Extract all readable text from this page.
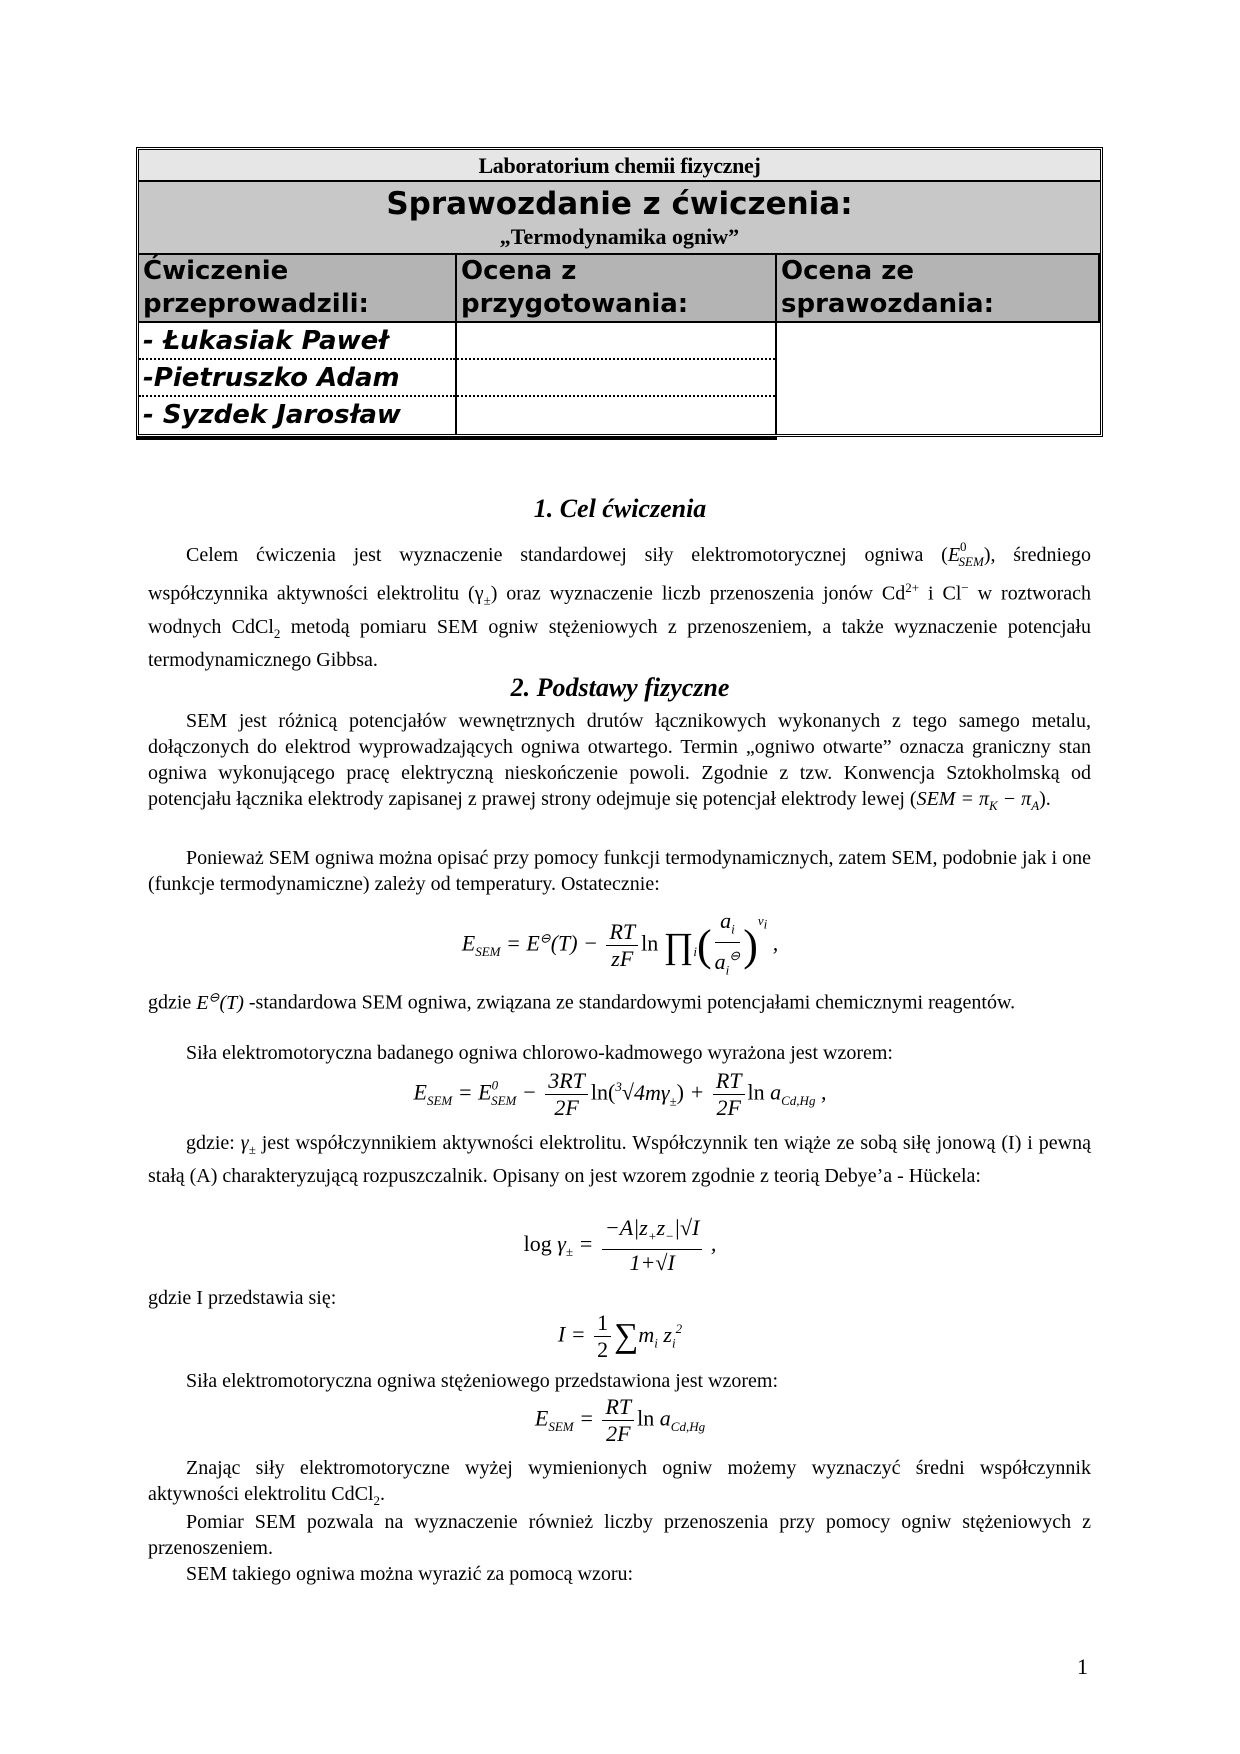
Laboratorium chemii fizycznej
Sprawozdanie z ćwiczenia:
„Termodynamika ogniw”
Ćwiczenie przeprowadzili:
Ocena z przygotowania:
Ocena ze sprawozdania:
- Łukasiak Paweł
-Pietruszko Adam
- Syzdek Jarosław
1. Cel ćwiczenia
Celem ćwiczenia jest wyznaczenie standardowej siły elektromotorycznej ogniwa $(E^0_{SEM})$, średniego współczynnika aktywności elektrolitu $(\gamma_\pm)$ oraz wyznaczenie liczb przenoszenia jonów $Cd^{2+}$ i Cl− w roztworach wodnych CdCl$_2$ metodą pomiaru SEM ogniw stężeniowych z przenoszeniem, a także wyznaczenie potencjału termodynamicznego Gibbsa.
2. Podstawy fizyczne
SEM jest różnicą potencjałów wewnętrznych drutów łącznikowych wykonanych z tego samego metalu, dołączonych do elektrod wyprowadzających ogniwa otwartego. Termin „ogniwo otwarte” oznacza graniczny stan ogniwa wykonującego pracę elektryczną nieskończenie powoli. Zgodnie z tzw. Konwencja Sztokholmską od potencjału łącznika elektrody zapisanej z prawej strony odejmuje się potencjał elektrody lewej $(SEM = \pi_K - \pi_A)$.
Ponieważ SEM ogniwa można opisać przy pomocy funkcji termodynamicznych, zatem SEM, podobnie jak i one (funkcje termodynamiczne) zależy od temperatury. Ostatecznie:
$E_{SEM} = E^⊖(T) - \frac{RT}{zF}$ $\ln \prod_i( \frac{a_i}{a_i^⊖} )^{\nu_i}$ ,
gdzie E⊖(T) -standardowa SEM ogniwa, związana ze standardowymi potencjałami chemicznymi reagentów.
Siła elektromotoryczna badanego ogniwa chlorowo-kadmowego wyrażona jest wzorem:
$E_{SEM} = E^0_{SEM} - \frac{3RT}{2F} \ln(^3√4m\gamma_\pm) + \frac{RT}{2F}$ $\ln a_{Cd,Hg}$ ,
gdzie: $\gamma_\pm$ jest współczynnikiem aktywności elektrolitu. Współczynnik ten wiąże ze sobą siłę jonową (I) i pewną stałą (A) charakteryzującą rozpuszczalnik. Opisany on jest wzorem zgodnie z teorią Debye’a - Hückela:
$\log \gamma_\pm = \frac{-A|z_+z_-|√I}{1+√I}$ ,
gdzie I przedstawia się:
$I = \frac{1}{2} \sum m_i$ $z_i^2$
Siła elektromotoryczna ogniwa stężeniowego przedstawiona jest wzorem:
$E_{SEM} = \frac{RT}{2F}$ $\ln a_{Cd,Hg}$
Znając siły elektromotoryczne wyżej wymienionych ogniw możemy wyznaczyć średni współczynnik aktywności elektrolitu CdCl$_2$.
Pomiar SEM pozwala na wyznaczenie również liczby przenoszenia przy pomocy ogniw stężeniowych z przenoszeniem.
SEM takiego ogniwa można wyrazić za pomocą wzoru:
1
